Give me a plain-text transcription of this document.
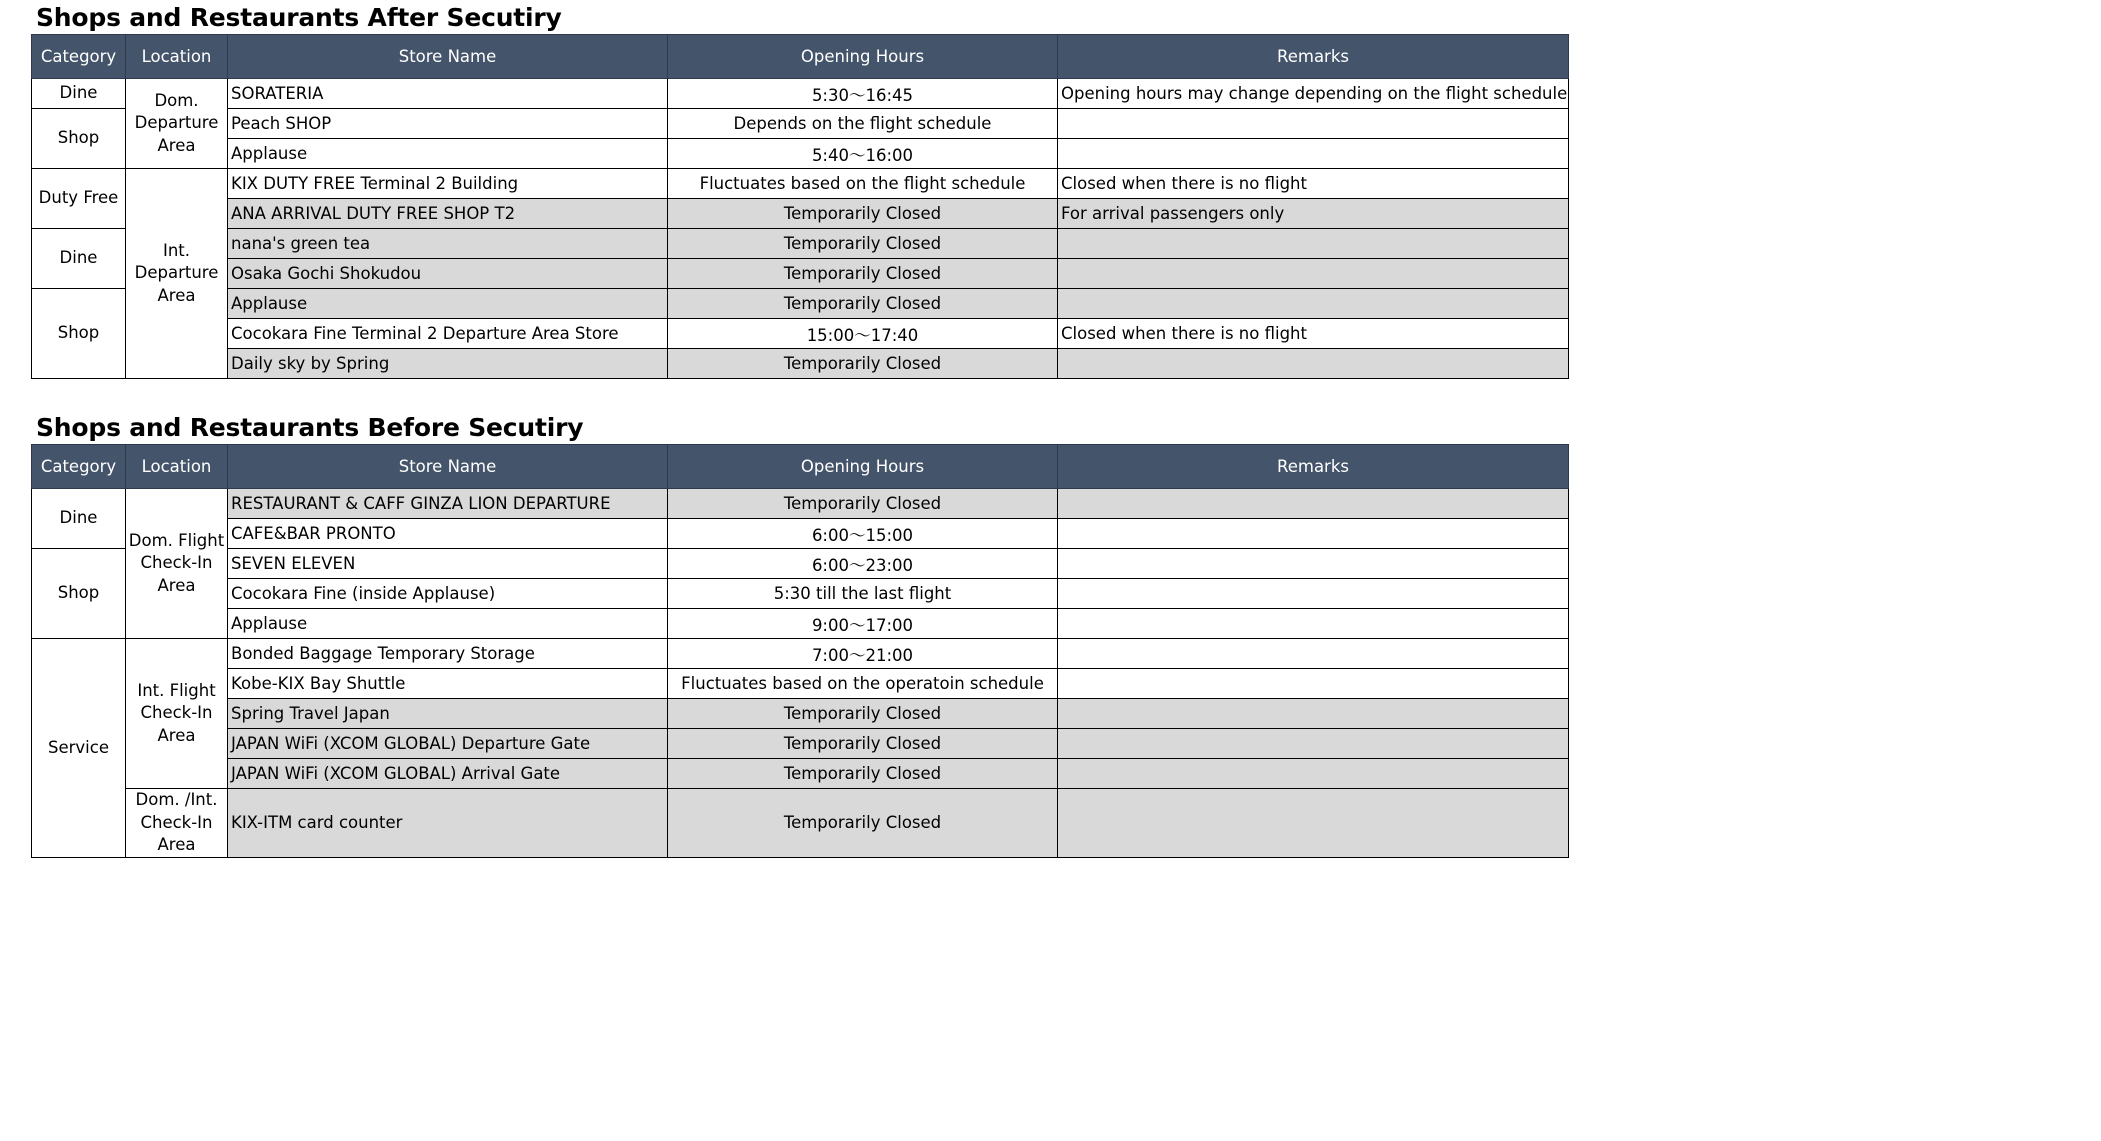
Shops and Restaurants After Secutiry
Category	Location	Store Name	Opening Hours	Remarks
Dine	Dom. Departure Area	SORATERIA	5:30〜16:45	Opening hours may change depending on the flight schedule
Shop		Peach SHOP	Depends on the flight schedule	
		Applause	5:40〜16:00	
Duty Free	Int. Departure Area	KIX DUTY FREE Terminal 2 Building	Fluctuates based on the flight schedule	Closed when there is no flight
		ANA ARRIVAL DUTY FREE SHOP T2	Temporarily Closed	For arrival passengers only
Dine		nana's green tea	Temporarily Closed	
		Osaka Gochi Shokudou	Temporarily Closed	
Shop		Applause	Temporarily Closed	
		Cocokara Fine Terminal 2 Departure Area Store	15:00〜17:40	Closed when there is no flight
		Daily sky by Spring	Temporarily Closed	
Shops and Restaurants Before Secutiry
Category	Location	Store Name	Opening Hours	Remarks
Dine	Dom. Flight Check-In Area	RESTAURANT & CAFF GINZA LION DEPARTURE	Temporarily Closed	
		CAFE&BAR PRONTO	6:00〜15:00	
Shop		SEVEN ELEVEN	6:00〜23:00	
		Cocokara Fine (inside Applause)	5:30 till the last flight	
		Applause	9:00〜17:00	
Service	Int. Flight Check-In Area	Bonded Baggage Temporary Storage	7:00〜21:00	
		Kobe-KIX Bay Shuttle	Fluctuates based on the operatoin schedule	
		Spring Travel Japan	Temporarily Closed	
		JAPAN WiFi (XCOM GLOBAL) Departure Gate	Temporarily Closed	
		JAPAN WiFi (XCOM GLOBAL) Arrival Gate	Temporarily Closed	
	Dom. /Int. Check-In Area	KIX-ITM card counter	Temporarily Closed	
